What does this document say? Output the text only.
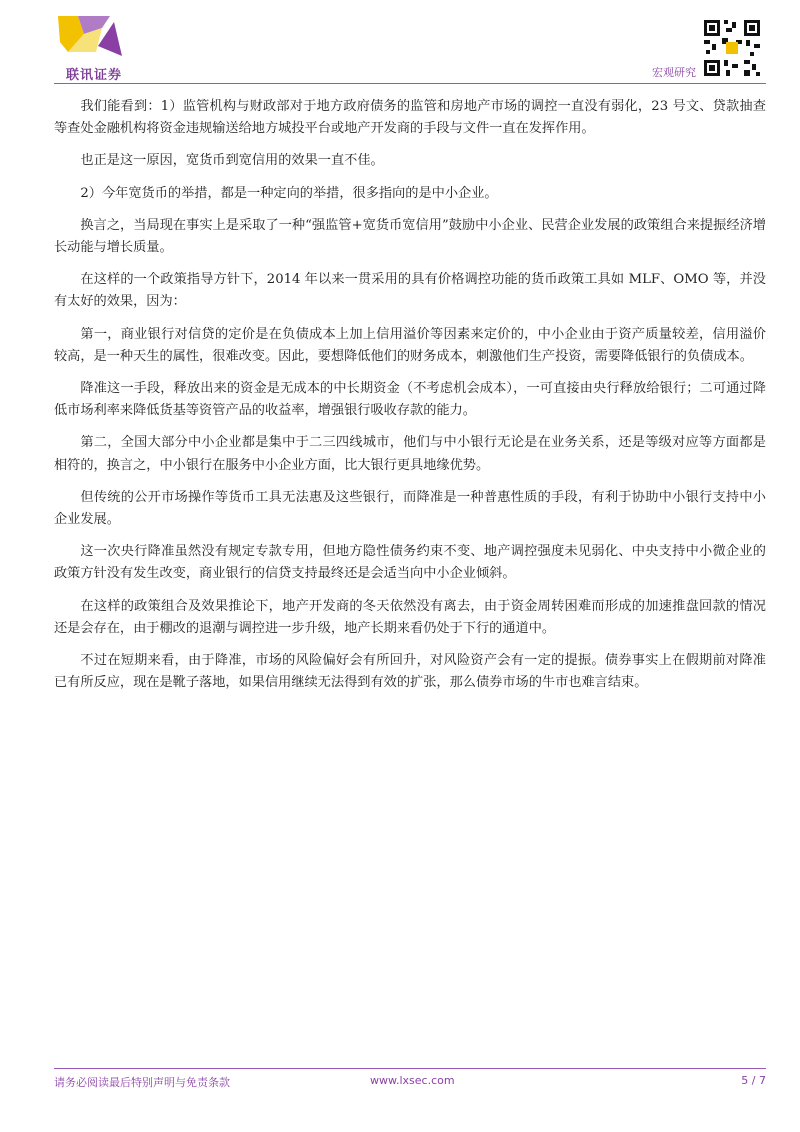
联讯证券	宏观研究

我们能看到：1）监管机构与财政部对于地方政府债务的监管和房地产市场的调控一直没有弱化，23 号文、贷款抽查等查处金融机构将资金违规输送给地方城投平台或地产开发商的手段与文件一直在发挥作用。

也正是这一原因，宽货币到宽信用的效果一直不佳。

2）今年宽货币的举措，都是一种定向的举措，很多指向的是中小企业。

换言之，当局现在事实上是采取了一种“强监管+宽货币宽信用”鼓励中小企业、民营企业发展的政策组合来提振经济增长动能与增长质量。

在这样的一个政策指导方针下，2014 年以来一贯采用的具有价格调控功能的货币政策工具如 MLF、OMO 等，并没有太好的效果，因为：

第一，商业银行对信贷的定价是在负债成本上加上信用溢价等因素来定价的，中小企业由于资产质量较差，信用溢价较高，是一种天生的属性，很难改变。因此，要想降低他们的财务成本，刺激他们生产投资，需要降低银行的负债成本。

降准这一手段，释放出来的资金是无成本的中长期资金（不考虑机会成本），一可直接由央行释放给银行；二可通过降低市场利率来降低货基等资管产品的收益率，增强银行吸收存款的能力。

第二，全国大部分中小企业都是集中于二三四线城市，他们与中小银行无论是在业务关系，还是等级对应等方面都是相符的，换言之，中小银行在服务中小企业方面，比大银行更具地缘优势。

但传统的公开市场操作等货币工具无法惠及这些银行，而降准是一种普惠性质的手段，有利于协助中小银行支持中小企业发展。

这一次央行降准虽然没有规定专款专用，但地方隐性债务约束不变、地产调控强度未见弱化、中央支持中小微企业的政策方针没有发生改变，商业银行的信贷支持最终还是会适当向中小企业倾斜。

在这样的政策组合及效果推论下，地产开发商的冬天依然没有离去，由于资金周转困难而形成的加速推盘回款的情况还是会存在，由于棚改的退潮与调控进一步升级，地产长期来看仍处于下行的通道中。

不过在短期来看，由于降准，市场的风险偏好会有所回升，对风险资产会有一定的提振。债券事实上在假期前对降准已有所反应，现在是靴子落地，如果信用继续无法得到有效的扩张，那么债券市场的牛市也难言结束。

请务必阅读最后特别声明与免责条款	www.lxsec.com	5 / 7
